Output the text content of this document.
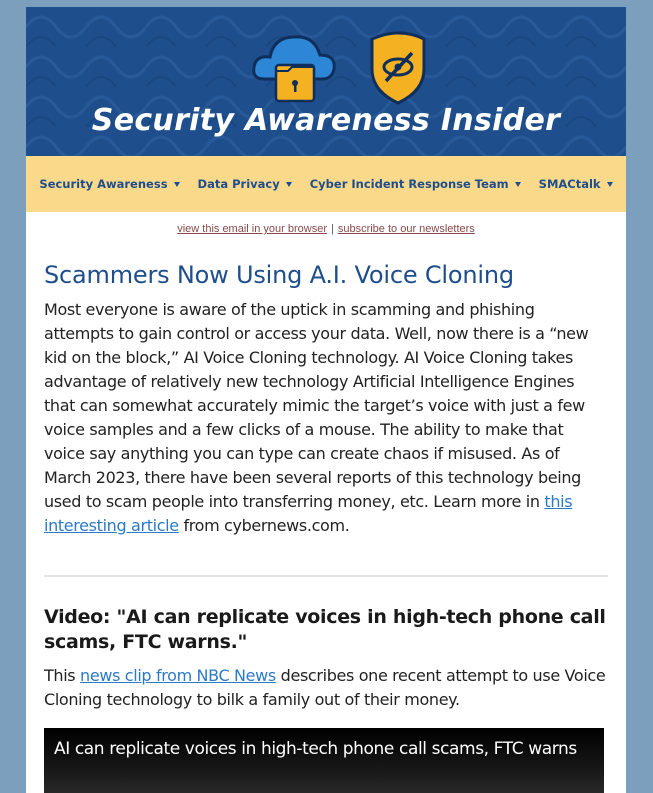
Security Awareness Insider
Security Awareness	Data Privacy	Cyber Incident Response Team	SMACtalk
view this email in your browser | subscribe to our newsletters
Scammers Now Using A.I. Voice Cloning

Most everyone is aware of the uptick in scamming and phishing attempts to gain control or access your data. Well, now there is a “new kid on the block,” AI Voice Cloning technology. AI Voice Cloning takes advantage of relatively new technology Artificial Intelligence Engines that can somewhat accurately mimic the target’s voice with just a few voice samples and a few clicks of a mouse. The ability to make that voice say anything you can type can create chaos if misused. As of March 2023, there have been several reports of this technology being used to scam people into transferring money, etc. Learn more in this interesting article from cybernews.com.

Video: "AI can replicate voices in high-tech phone call scams, FTC warns."

This news clip from NBC News describes one recent attempt to use Voice Cloning technology to bilk a family out of their money.

AI can replicate voices in high-tech phone call scams, FTC warns
